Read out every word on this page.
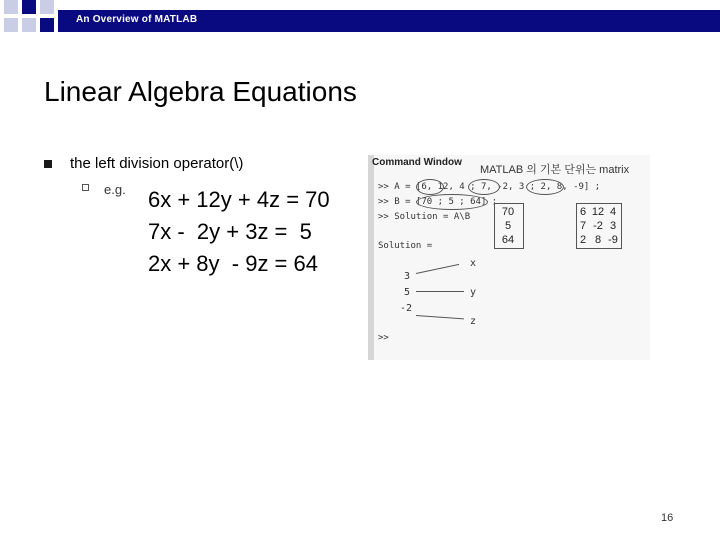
An Overview of MATLAB
Linear Algebra Equations
the left division operator(\)
e.g. 6x + 12y + 4z = 70
7x -  2y + 3z =  5
2x + 8y  - 9z = 64
Command Window
MATLAB 의 기본 단위는 matrix
>> A = [6, 12, 4 ; 7, -2, 3 ; 2, 8, -9] ;
>> B = [70 ; 5 ; 64] ;
>> Solution = A\B
Solution =
>>
70
5
64
6 12 4
7 -2 3
2 8 -9
3
5
-2
x
y
z
16
